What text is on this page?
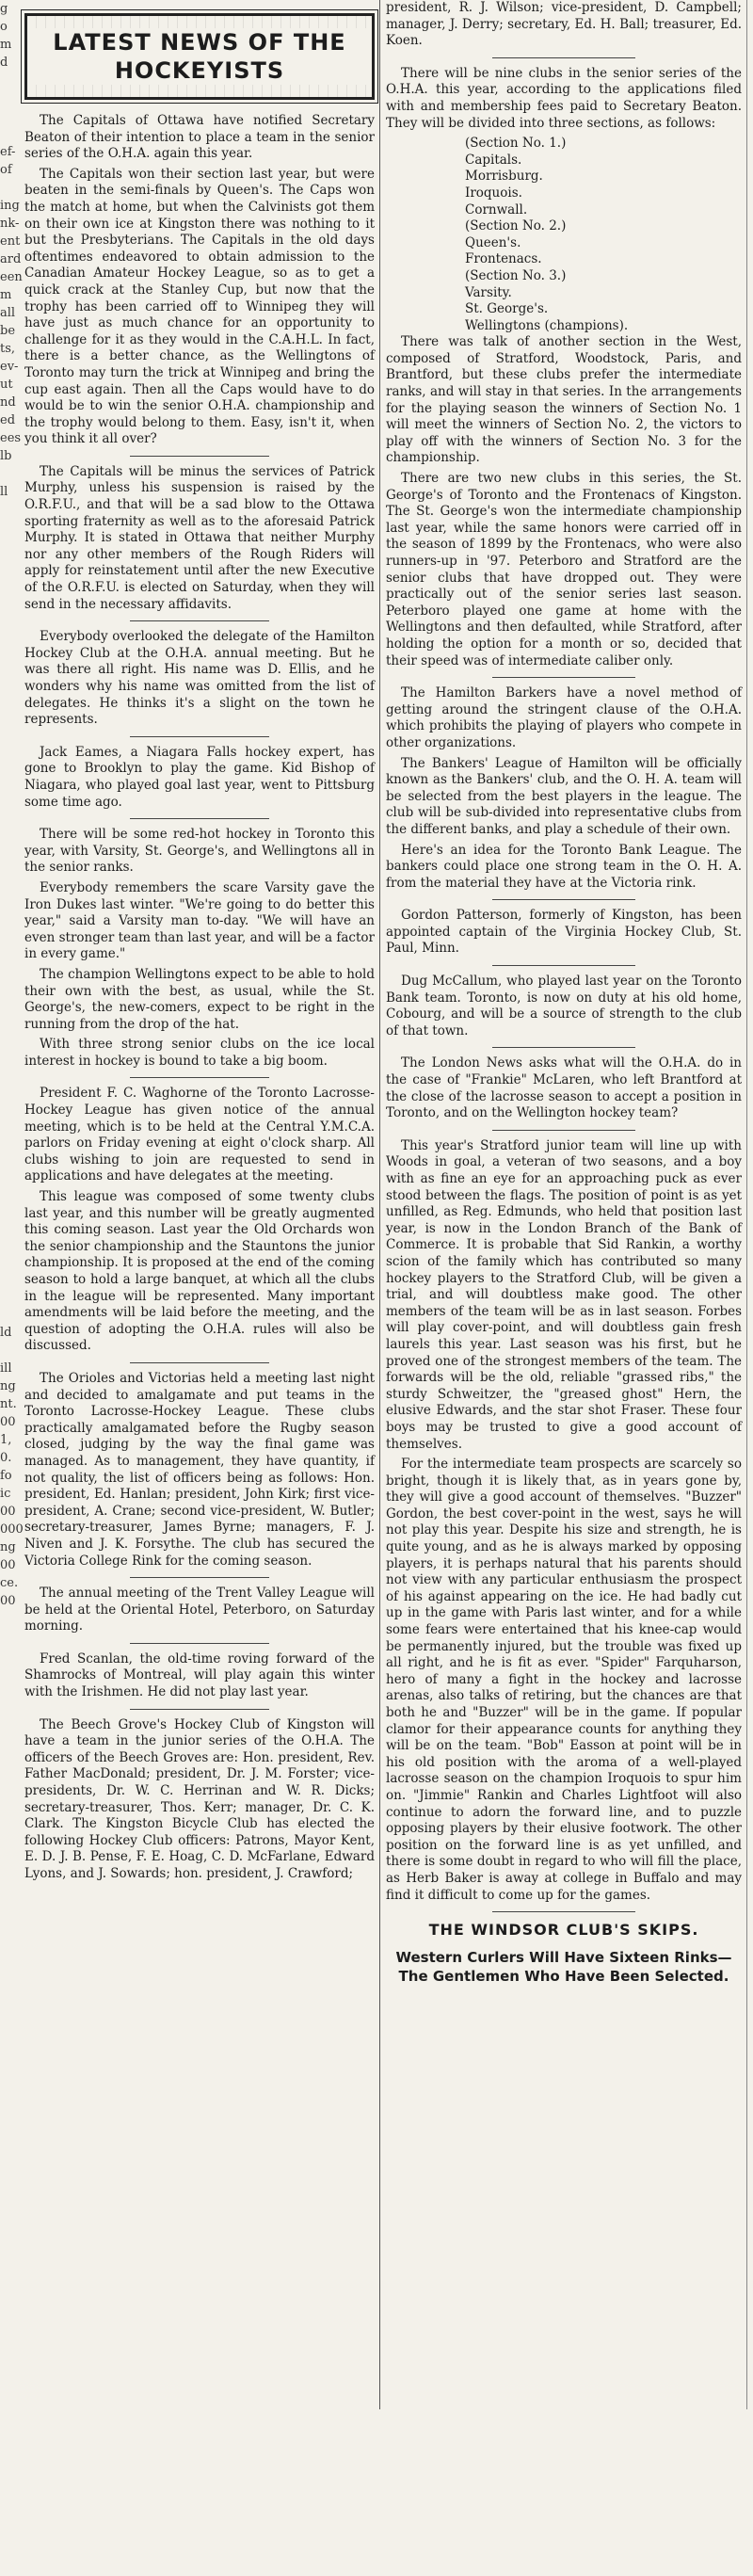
g
o
m
d
ef-
of
ing
nk-
ent
ard
een
m
all
be
ts,
ev-
ut
nd
ed
ees
lb
ll
ld
ill
ng
nt.
00
1,
0.
fo
ic
00
000
ng
00
ce.
00
LATEST NEWS OF THE HOCKEYISTS

The Capitals of Ottawa have notified Secretary Beaton of their intention to place a team in the senior series of the O.H.A. again this year.

The Capitals won their section last year, but were beaten in the semi-finals by Queen's. The Caps won the match at home, but when the Calvinists got them on their own ice at Kingston there was nothing to it but the Presbyterians. The Capitals in the old days oftentimes endeavored to obtain admission to the Canadian Amateur Hockey League, so as to get a quick crack at the Stanley Cup, but now that the trophy has been carried off to Winnipeg they will have just as much chance for an opportunity to challenge for it as they would in the C.A.H.L. In fact, there is a better chance, as the Wellingtons of Toronto may turn the trick at Winnipeg and bring the cup east again. Then all the Caps would have to do would be to win the senior O.H.A. championship and the trophy would belong to them. Easy, isn't it, when you think it all over?

The Capitals will be minus the services of Patrick Murphy, unless his suspension is raised by the O.R.F.U., and that will be a sad blow to the Ottawa sporting fraternity as well as to the aforesaid Patrick Murphy. It is stated in Ottawa that neither Murphy nor any other members of the Rough Riders will apply for reinstatement until after the new Executive of the O.R.F.U. is elected on Saturday, when they will send in the necessary affidavits.

Everybody overlooked the delegate of the Hamilton Hockey Club at the O.H.A. annual meeting. But he was there all right. His name was D. Ellis, and he wonders why his name was omitted from the list of delegates. He thinks it's a slight on the town he represents.

Jack Eames, a Niagara Falls hockey expert, has gone to Brooklyn to play the game. Kid Bishop of Niagara, who played goal last year, went to Pittsburg some time ago.

There will be some red-hot hockey in Toronto this year, with Varsity, St. George's, and Wellingtons all in the senior ranks.

Everybody remembers the scare Varsity gave the Iron Dukes last winter. "We're going to do better this year," said a Varsity man to-day. "We will have an even stronger team than last year, and will be a factor in every game."

The champion Wellingtons expect to be able to hold their own with the best, as usual, while the St. George's, the new-comers, expect to be right in the running from the drop of the hat.

With three strong senior clubs on the ice local interest in hockey is bound to take a big boom.

President F. C. Waghorne of the Toronto Lacrosse-Hockey League has given notice of the annual meeting, which is to be held at the Central Y.M.C.A. parlors on Friday evening at eight o'clock sharp. All clubs wishing to join are requested to send in applications and have delegates at the meeting.

This league was composed of some twenty clubs last year, and this number will be greatly augmented this coming season. Last year the Old Orchards won the senior championship and the Stauntons the junior championship. It is proposed at the end of the coming season to hold a large banquet, at which all the clubs in the league will be represented. Many important amendments will be laid before the meeting, and the question of adopting the O.H.A. rules will also be discussed.

The Orioles and Victorias held a meeting last night and decided to amalgamate and put teams in the Toronto Lacrosse-Hockey League. These clubs practically amalgamated before the Rugby season closed, judging by the way the final game was managed. As to management, they have quantity, if not quality, the list of officers being as follows: Hon. president, Ed. Hanlan; president, John Kirk; first vice-president, A. Crane; second vice-president, W. Butler; secretary-treasurer, James Byrne; managers, F. J. Niven and J. K. Forsythe. The club has secured the Victoria College Rink for the coming season.

The annual meeting of the Trent Valley League will be held at the Oriental Hotel, Peterboro, on Saturday morning.

Fred Scanlan, the old-time roving forward of the Shamrocks of Montreal, will play again this winter with the Irishmen. He did not play last year.

The Beech Grove's Hockey Club of Kingston will have a team in the junior series of the O.H.A. The officers of the Beech Groves are: Hon. president, Rev. Father MacDonald; president, Dr. J. M. Forster; vice-presidents, Dr. W. C. Herrinan and W. R. Dicks; secretary-treasurer, Thos. Kerr; manager, Dr. C. K. Clark. The Kingston Bicycle Club has elected the following Hockey Club officers: Patrons, Mayor Kent, E. D. J. B. Pense, F. E. Hoag, C. D. McFarlane, Edward Lyons, and J. Sowards; hon. president, J. Crawford;

president, R. J. Wilson; vice-president, D. Campbell; manager, J. Derry; secretary, Ed. H. Ball; treasurer, Ed. Koen.

There will be nine clubs in the senior series of the O.H.A. this year, according to the applications filed with and membership fees paid to Secretary Beaton. They will be divided into three sections, as follows:

(Section No. 1.)
Capitals.
Morrisburg.
Iroquois.
Cornwall.
(Section No. 2.)
Queen's.
Frontenacs.
(Section No. 3.)
Varsity.
St. George's.
Wellingtons (champions).

There was talk of another section in the West, composed of Stratford, Woodstock, Paris, and Brantford, but these clubs prefer the intermediate ranks, and will stay in that series. In the arrangements for the playing season the winners of Section No. 1 will meet the winners of Section No. 2, the victors to play off with the winners of Section No. 3 for the championship.

There are two new clubs in this series, the St. George's of Toronto and the Frontenacs of Kingston. The St. George's won the intermediate championship last year, while the same honors were carried off in the season of 1899 by the Frontenacs, who were also runners-up in '97. Peterboro and Stratford are the senior clubs that have dropped out. They were practically out of the senior series last season. Peterboro played one game at home with the Wellingtons and then defaulted, while Stratford, after holding the option for a month or so, decided that their speed was of intermediate caliber only.

The Hamilton Barkers have a novel method of getting around the stringent clause of the O.H.A. which prohibits the playing of players who compete in other organizations.

The Bankers' League of Hamilton will be officially known as the Bankers' club, and the O. H. A. team will be selected from the best players in the league. The club will be sub-divided into representative clubs from the different banks, and play a schedule of their own.

Here's an idea for the Toronto Bank League. The bankers could place one strong team in the O. H. A. from the material they have at the Victoria rink.

Gordon Patterson, formerly of Kingston, has been appointed captain of the Virginia Hockey Club, St. Paul, Minn.

Dug McCallum, who played last year on the Toronto Bank team. Toronto, is now on duty at his old home, Cobourg, and will be a source of strength to the club of that town.

The London News asks what will the O.H.A. do in the case of "Frankie" McLaren, who left Brantford at the close of the lacrosse season to accept a position in Toronto, and on the Wellington hockey team?

This year's Stratford junior team will line up with Woods in goal, a veteran of two seasons, and a boy with as fine an eye for an approaching puck as ever stood between the flags. The position of point is as yet unfilled, as Reg. Edmunds, who held that position last year, is now in the London Branch of the Bank of Commerce. It is probable that Sid Rankin, a worthy scion of the family which has contributed so many hockey players to the Stratford Club, will be given a trial, and will doubtless make good. The other members of the team will be as in last season. Forbes will play cover-point, and will doubtless gain fresh laurels this year. Last season was his first, but he proved one of the strongest members of the team. The forwards will be the old, reliable "grassed ribs," the sturdy Schweitzer, the "greased ghost" Hern, the elusive Edwards, and the star shot Fraser. These four boys may be trusted to give a good account of themselves.

For the intermediate team prospects are scarcely so bright, though it is likely that, as in years gone by, they will give a good account of themselves. "Buzzer" Gordon, the best cover-point in the west, says he will not play this year. Despite his size and strength, he is quite young, and as he is always marked by opposing players, it is perhaps natural that his parents should not view with any particular enthusiasm the prospect of his against appearing on the ice. He had badly cut up in the game with Paris last winter, and for a while some fears were entertained that his knee-cap would be permanently injured, but the trouble was fixed up all right, and he is fit as ever. "Spider" Farquharson, hero of many a fight in the hockey and lacrosse arenas, also talks of retiring, but the chances are that both he and "Buzzer" will be in the game. If popular clamor for their appearance counts for anything they will be on the team. "Bob" Easson at point will be in his old position with the aroma of a well-played lacrosse season on the champion Iroquois to spur him on. "Jimmie" Rankin and Charles Lightfoot will also continue to adorn the forward line, and to puzzle opposing players by their elusive footwork. The other position on the forward line is as yet unfilled, and there is some doubt in regard to who will fill the place, as Herb Baker is away at college in Buffalo and may find it difficult to come up for the games.

THE WINDSOR CLUB'S SKIPS.
Western Curlers Will Have Sixteen Rinks—The Gentlemen Who Have Been Selected.
